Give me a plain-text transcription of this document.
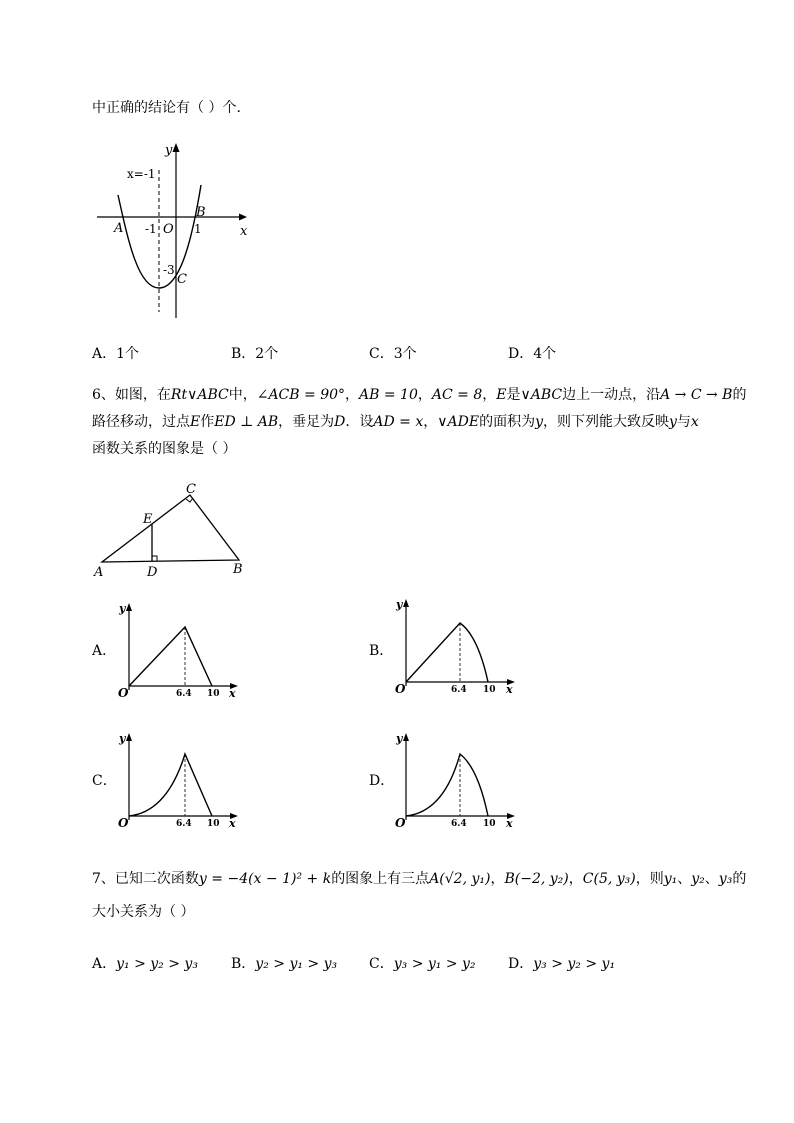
中正确的结论有（ ）个.
y
x
x=-1
O
-1	1
-3
A
B
C
A．1个	B．2个	C．3个	D．4个
6、如图，在Rt∨ABC中，∠ACB = 90°，AB = 10，AC = 8，E是∨ABC边上一动点，沿A → C → B的
路径移动，过点E作ED ⊥ AB，垂足为D．设AD = x，∨ADE的面积为y，则下列能大致反映y与x
函数关系的图象是（ ）
A	B
C
D
E
A．	B．
C．	D．
y
x
O	6.4 10
y
x
O	6.4 10
y
x
O	6.4 10
y
x
O	6.4 10
7、已知二次函数y = −4(x − 1)² + k的图象上有三点A(√2, y₁)，B(−2, y₂)，C(5, y₃)，则y₁、y₂、y₃的
大小关系为（ ）
A．y₁ > y₂ > y₃ B．y₂ > y₁ > y₃ C．y₃ > y₁ > y₂ D．y₃ > y₂ > y₁
